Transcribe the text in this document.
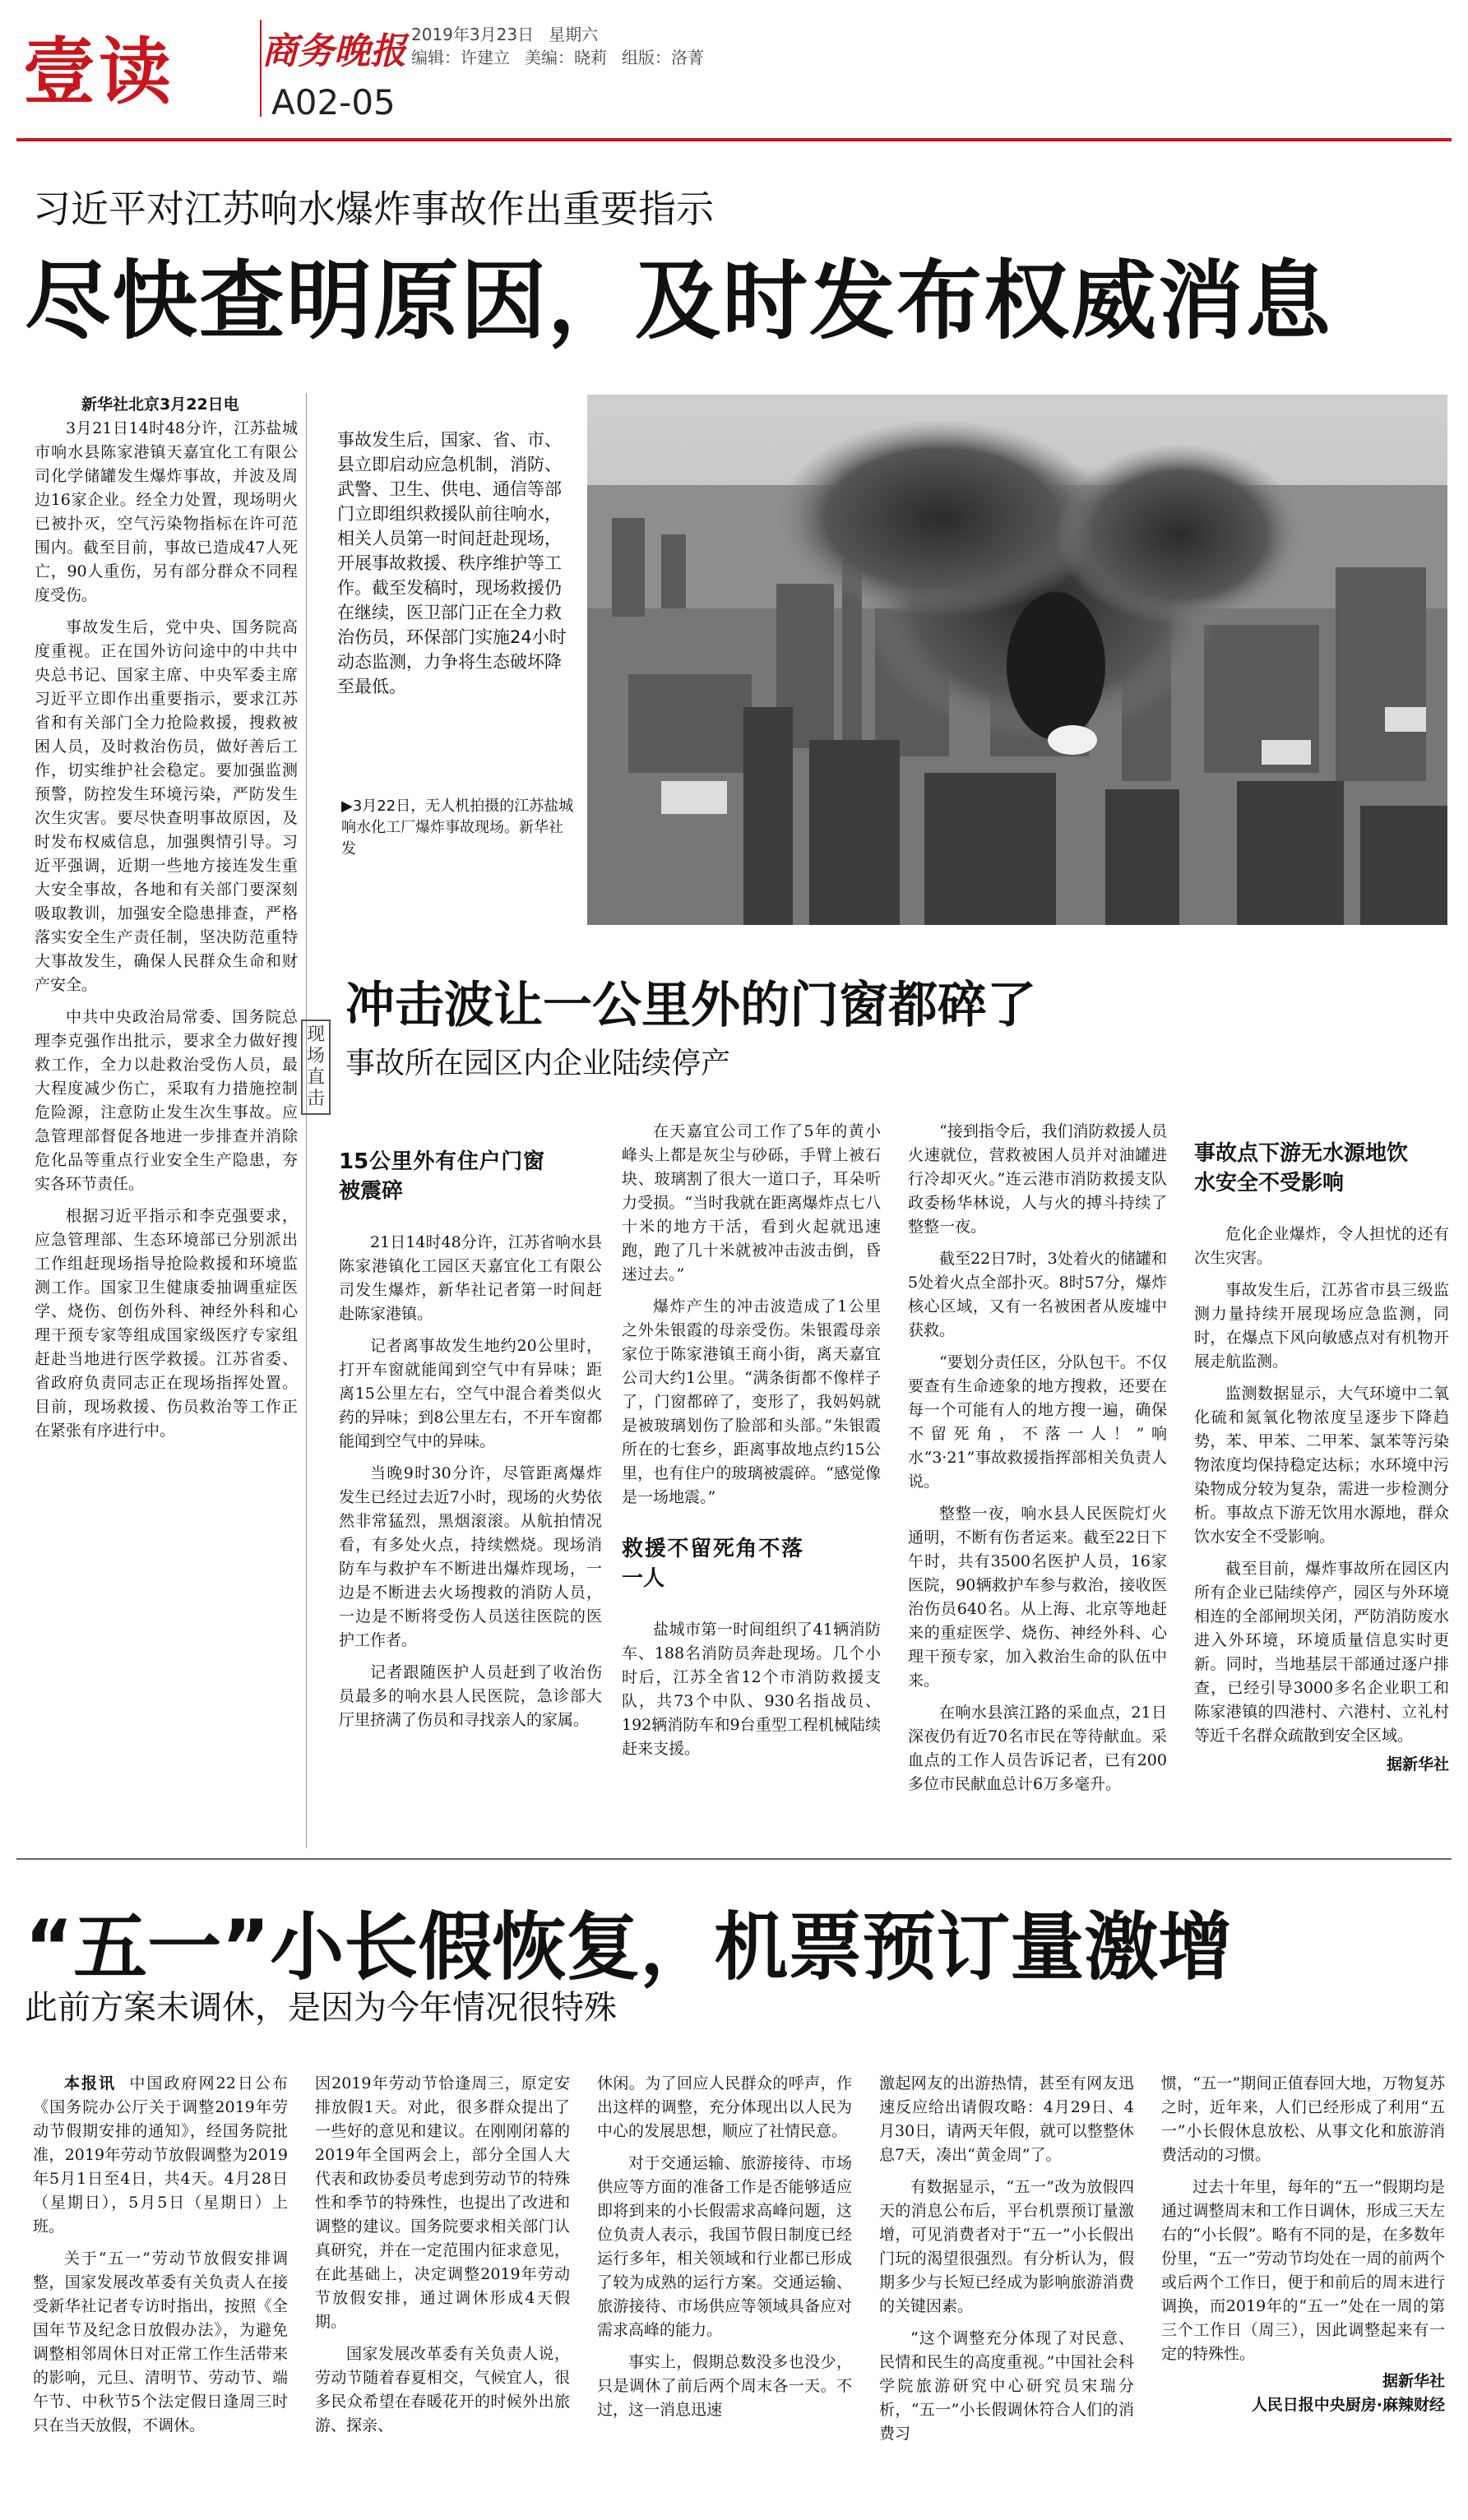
壹读 商务晚报
A02-05
2019年3月23日 星期六
编辑：许建立 美编：晓莉 组版：洛菁
习近平对江苏响水爆炸事故作出重要指示
尽快查明原因，及时发布权威消息

新华社北京3月22日电

3月21日14时48分许，江苏盐城市响水县陈家港镇天嘉宜化工有限公司化学储罐发生爆炸事故，并波及周边16家企业。经全力处置，现场明火已被扑灭，空气污染物指标在许可范围内。截至目前，事故已造成47人死亡，90人重伤，另有部分群众不同程度受伤。

事故发生后，党中央、国务院高度重视。正在国外访问途中的中共中央总书记、国家主席、中央军委主席习近平立即作出重要指示，要求江苏省和有关部门全力抢险救援，搜救被困人员，及时救治伤员，做好善后工作，切实维护社会稳定。要加强监测预警，防控发生环境污染，严防发生次生灾害。要尽快查明事故原因，及时发布权威信息，加强舆情引导。习近平强调，近期一些地方接连发生重大安全事故，各地和有关部门要深刻吸取教训，加强安全隐患排查，严格落实安全生产责任制，坚决防范重特大事故发生，确保人民群众生命和财产安全。

中共中央政治局常委、国务院总理李克强作出批示，要求全力做好搜救工作，全力以赴救治受伤人员，最大程度减少伤亡，采取有力措施控制危险源，注意防止发生次生事故。应急管理部督促各地进一步排查并消除危化品等重点行业安全生产隐患，夯实各环节责任。

根据习近平指示和李克强要求，应急管理部、生态环境部已分别派出工作组赶现场指导抢险救援和环境监测工作。国家卫生健康委抽调重症医学、烧伤、创伤外科、神经外科和心理干预专家等组成国家级医疗专家组赶赴当地进行医学救援。江苏省委、省政府负责同志正在现场指挥处置。目前，现场救援、伤员救治等工作正在紧张有序进行中。

事故发生后，国家、省、市、县立即启动应急机制，消防、武警、卫生、供电、通信等部门立即组织救援队前往响水，相关人员第一时间赶赴现场，开展事故救援、秩序维护等工作。截至发稿时，现场救援仍在继续，医卫部门正在全力救治伤员，环保部门实施24小时动态监测，力争将生态破坏降至最低。
▶3月22日，无人机拍摄的江苏盐城响水化工厂爆炸事故现场。新华社发
现场直击
冲击波让一公里外的门窗都碎了
事故所在园区内企业陆续停产
15公里外有住户门窗被震碎

21日14时48分许，江苏省响水县陈家港镇化工园区天嘉宜化工有限公司发生爆炸，新华社记者第一时间赶赴陈家港镇。

记者离事故发生地约20公里时，打开车窗就能闻到空气中有异味；距离15公里左右，空气中混合着类似火药的异味；到8公里左右，不开车窗都能闻到空气中的异味。

当晚9时30分许，尽管距离爆炸发生已经过去近7小时，现场的火势依然非常猛烈，黑烟滚滚。从航拍情况看，有多处火点，持续燃烧。现场消防车与救护车不断进出爆炸现场，一边是不断进去火场搜救的消防人员，一边是不断将受伤人员送往医院的医护工作者。

记者跟随医护人员赶到了收治伤员最多的响水县人民医院，急诊部大厅里挤满了伤员和寻找亲人的家属。

在天嘉宜公司工作了5年的黄小峰头上都是灰尘与砂砾，手臂上被石块、玻璃割了很大一道口子，耳朵听力受损。“当时我就在距离爆炸点七八十米的地方干活，看到火起就迅速跑，跑了几十米就被冲击波击倒，昏迷过去。”

爆炸产生的冲击波造成了1公里之外朱银霞的母亲受伤。朱银霞母亲家位于陈家港镇王商小街，离天嘉宜公司大约1公里。“满条街都不像样子了，门窗都碎了，变形了，我妈妈就是被玻璃划伤了脸部和头部。”朱银霞所在的七套乡，距离事故地点约15公里，也有住户的玻璃被震碎。“感觉像是一场地震。”

救援不留死角不落一人

盐城市第一时间组织了41辆消防车、188名消防员奔赴现场。几个小时后，江苏全省12个市消防救援支队，共73个中队、930名指战员、192辆消防车和9台重型工程机械陆续赶来支援。

“接到指令后，我们消防救援人员火速就位，营救被困人员并对油罐进行冷却灭火。”连云港市消防救援支队政委杨华林说，人与火的搏斗持续了整整一夜。

截至22日7时，3处着火的储罐和5处着火点全部扑灭。8时57分，爆炸核心区域，又有一名被困者从废墟中获救。

“要划分责任区，分队包干。不仅要查有生命迹象的地方搜救，还要在每一个可能有人的地方搜一遍，确保不留死角，不落一人！”响水“3·21”事故救援指挥部相关负责人说。

整整一夜，响水县人民医院灯火通明，不断有伤者运来。截至22日下午时，共有3500名医护人员，16家医院，90辆救护车参与救治，接收医治伤员640名。从上海、北京等地赶来的重症医学、烧伤、神经外科、心理干预专家，加入救治生命的队伍中来。

在响水县滨江路的采血点，21日深夜仍有近70名市民在等待献血。采血点的工作人员告诉记者，已有200多位市民献血总计6万多毫升。

事故点下游无水源地饮水安全不受影响

危化企业爆炸，令人担忧的还有次生灾害。

事故发生后，江苏省市县三级监测力量持续开展现场应急监测，同时，在爆点下风向敏感点对有机物开展走航监测。

监测数据显示，大气环境中二氧化硫和氮氧化物浓度呈逐步下降趋势，苯、甲苯、二甲苯、氯苯等污染物浓度均保持稳定达标；水环境中污染物成分较为复杂，需进一步检测分析。事故点下游无饮用水源地，群众饮水安全不受影响。

截至目前，爆炸事故所在园区内所有企业已陆续停产，园区与外环境相连的全部闸坝关闭，严防消防废水进入外环境，环境质量信息实时更新。同时，当地基层干部通过逐户排查，已经引导3000多名企业职工和陈家港镇的四港村、六港村、立礼村等近千名群众疏散到安全区域。

据新华社
“五一”小长假恢复，机票预订量激增
此前方案未调休，是因为今年情况很特殊

本报讯 中国政府网22日公布《国务院办公厅关于调整2019年劳动节假期安排的通知》，经国务院批准，2019年劳动节放假调整为2019年5月1日至4日，共4天。4月28日（星期日），5月5日（星期日）上班。

关于“五一”劳动节放假安排调整，国家发展改革委有关负责人在接受新华社记者专访时指出，按照《全国年节及纪念日放假办法》，为避免调整相邻周休日对正常工作生活带来的影响，元旦、清明节、劳动节、端午节、中秋节5个法定假日逢周三时只在当天放假，不调休。

因2019年劳动节恰逢周三，原定安排放假1天。对此，很多群众提出了一些好的意见和建议。在刚刚闭幕的2019年全国两会上，部分全国人大代表和政协委员考虑到劳动节的特殊性和季节的特殊性，也提出了改进和调整的建议。国务院要求相关部门认真研究，并在一定范围内征求意见，在此基础上，决定调整2019年劳动节放假安排，通过调休形成4天假期。

国家发展改革委有关负责人说，劳动节随着春夏相交，气候宜人，很多民众希望在春暖花开的时候外出旅游、探亲、

休闲。为了回应人民群众的呼声，作出这样的调整，充分体现出以人民为中心的发展思想，顺应了社情民意。

对于交通运输、旅游接待、市场供应等方面的准备工作是否能够适应即将到来的小长假需求高峰问题，这位负责人表示，我国节假日制度已经运行多年，相关领域和行业都已形成了较为成熟的运行方案。交通运输、旅游接待、市场供应等领域具备应对需求高峰的能力。

事实上，假期总数没多也没少，只是调休了前后两个周末各一天。不过，这一消息迅速

激起网友的出游热情，甚至有网友迅速反应给出请假攻略：4月29日、4月30日，请两天年假，就可以整整休息7天，凑出“黄金周”了。

有数据显示，“五一”改为放假四天的消息公布后，平台机票预订量激增，可见消费者对于“五一”小长假出门玩的渴望很强烈。有分析认为，假期多少与长短已经成为影响旅游消费的关键因素。

“这个调整充分体现了对民意、民情和民生的高度重视。”中国社会科学院旅游研究中心研究员宋瑞分析，“五一”小长假调休符合人们的消费习

惯，“五一”期间正值春回大地，万物复苏之时，近年来，人们已经形成了利用“五一”小长假休息放松、从事文化和旅游消费活动的习惯。

过去十年里，每年的“五一”假期均是通过调整周末和工作日调休，形成三天左右的“小长假”。略有不同的是，在多数年份里，“五一”劳动节均处在一周的前两个或后两个工作日，便于和前后的周末进行调换，而2019年的“五一”处在一周的第三个工作日（周三），因此调整起来有一定的特殊性。

据新华社
人民日报中央厨房·麻辣财经
